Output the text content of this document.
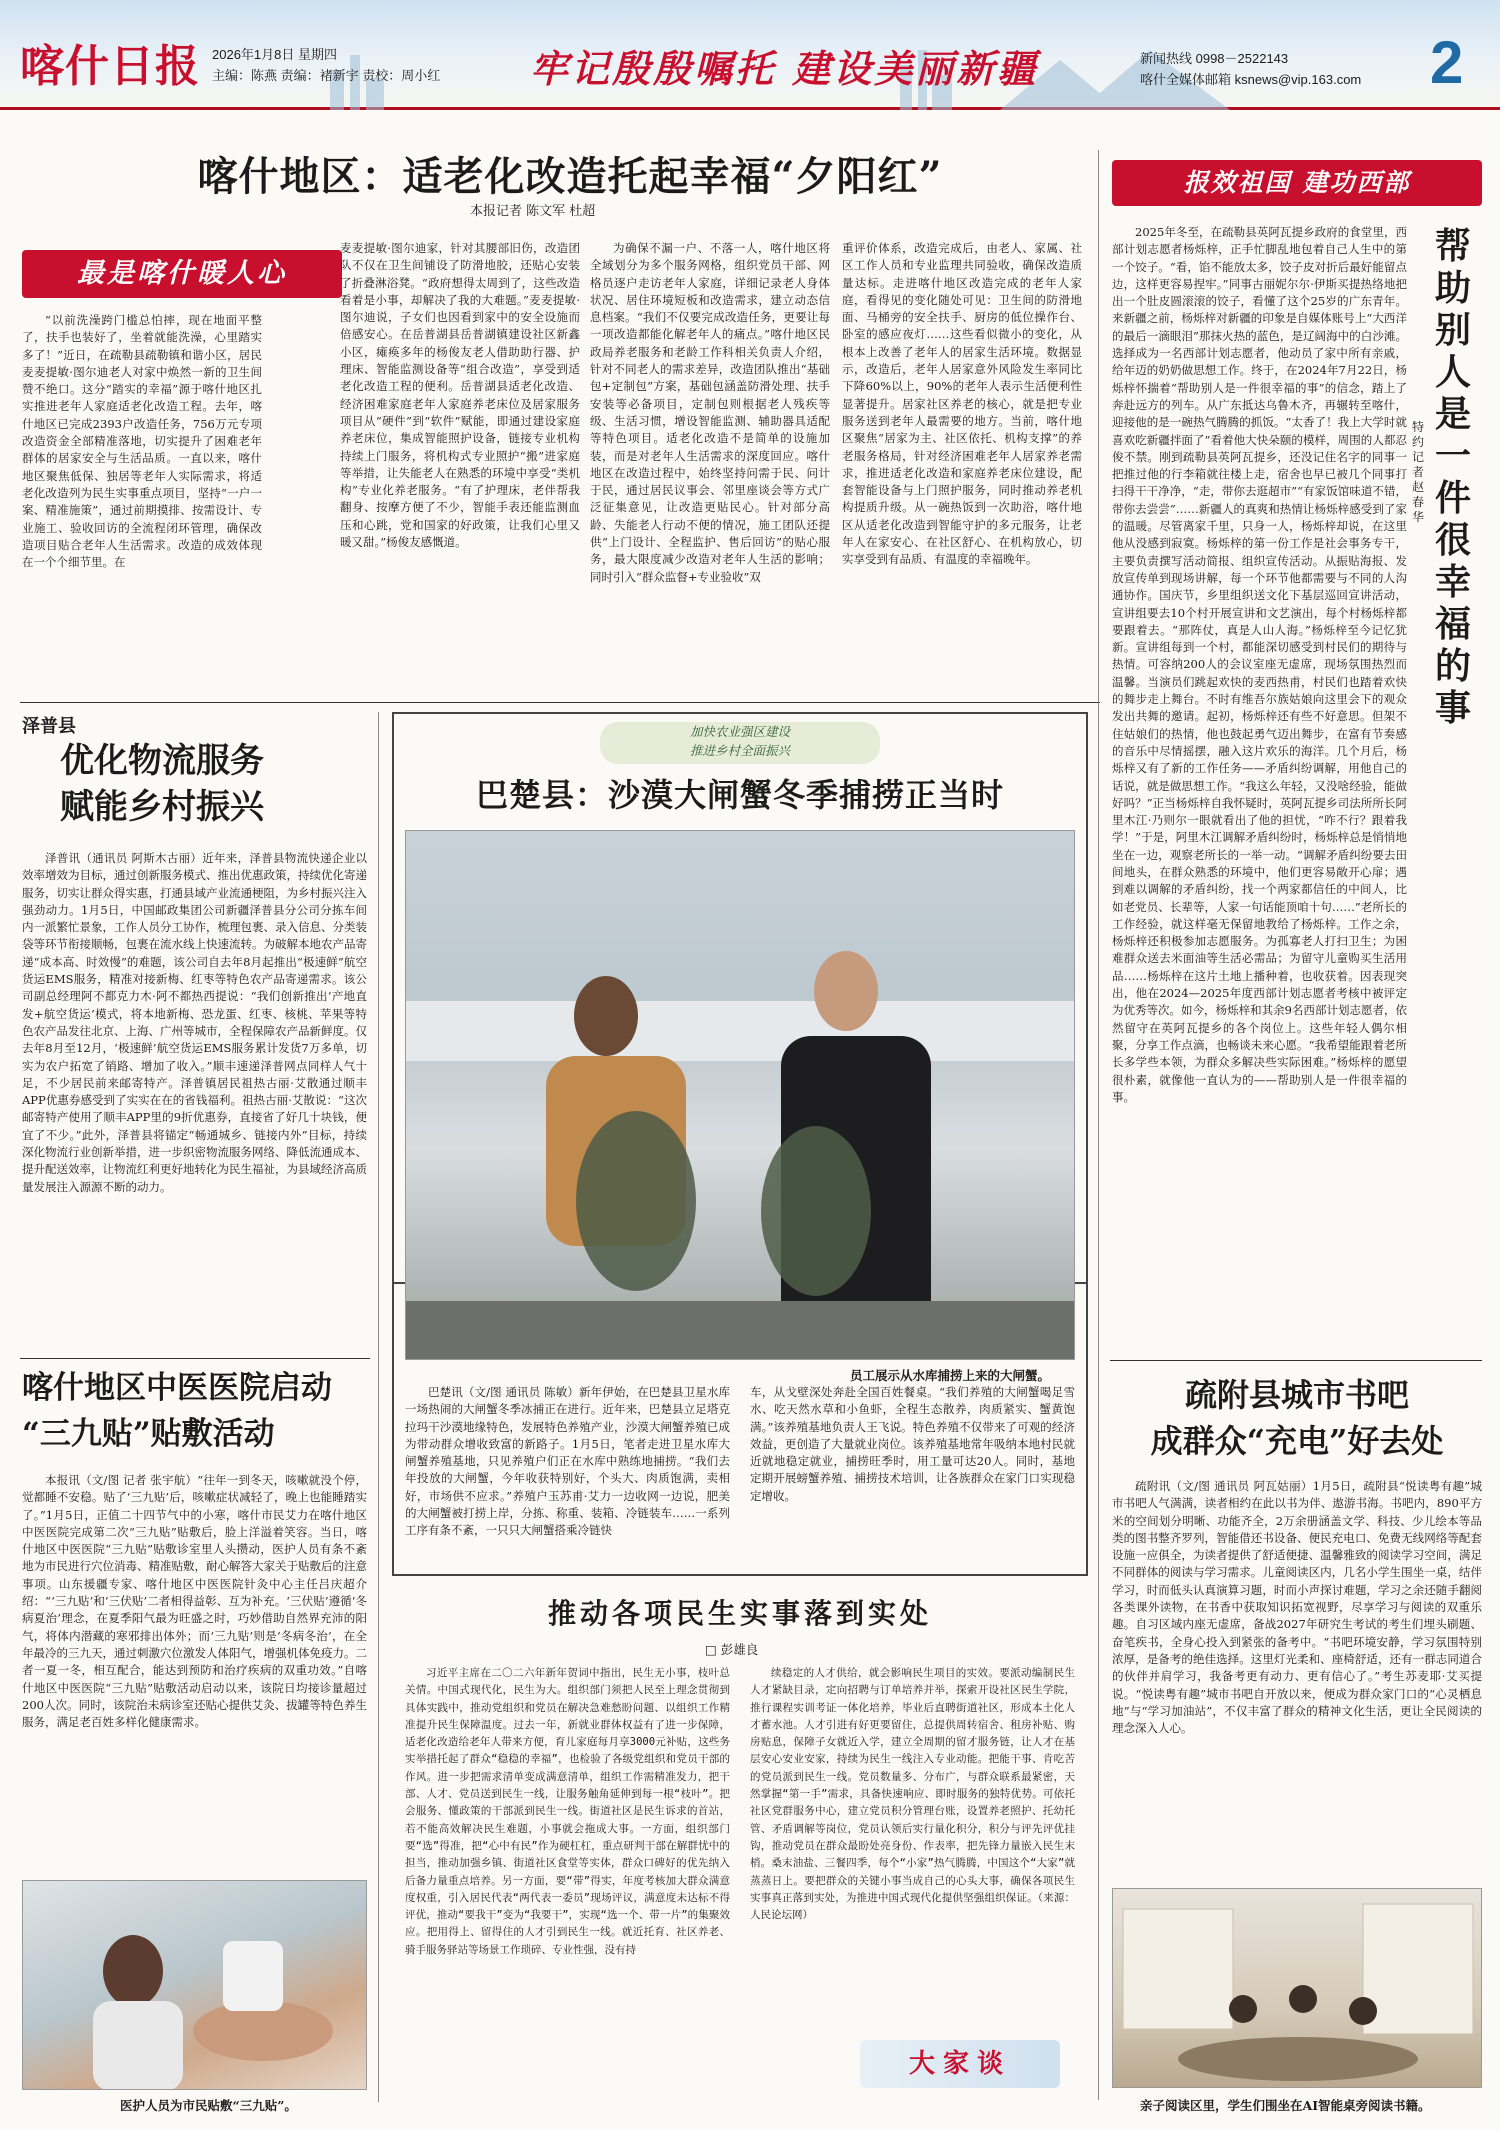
喀什日报 2026年1月8日 星期四
主编：陈燕 责编：褚新宇 责校：周小红 牢记殷殷嘱托 建设美丽新疆	新闻热线 0998－2522143
喀什全媒体邮箱 ksnews@vip.163.com 2
喀什地区：适老化改造托起幸福“夕阳红”
本报记者 陈文军 杜超
最是喀什暖人心
“以前洗澡跨门槛总怕摔，现在地面平整了，扶手也装好了，坐着就能洗澡，心里踏实多了！”近日，在疏勒县疏勒镇和谐小区，居民麦麦提敏·图尔迪老人对家中焕然一新的卫生间赞不绝口。这分“踏实的幸福”源于喀什地区扎实推进老年人家庭适老化改造工程。去年，喀什地区已完成2393户改造任务，756万元专项改造资金全部精准落地，切实提升了困难老年群体的居家安全与生活品质。一直以来，喀什地区聚焦低保、独居等老年人实际需求，将适老化改造列为民生实事重点项目，坚持“一户一案、精准施策”，通过前期摸排、按需设计、专业施工、验收回访的全流程闭环管理，确保改造项目贴合老年人生活需求。改造的成效体现在一个个细节里。在
麦麦提敏·图尔迪家，针对其腰部旧伤，改造团队不仅在卫生间铺设了防滑地胶，还贴心安装了折叠淋浴凳。“政府想得太周到了，这些改造看着是小事，却解决了我的大难题。”麦麦提敏·图尔迪说，子女们也因看到家中的安全设施而倍感安心。在岳普湖县岳普湖镇建设社区新鑫小区，瘫痪多年的杨俊友老人借助助行器、护理床、智能监测设备等“组合改造”，享受到适老化改造工程的便利。岳普湖县适老化改造、经济困难家庭老年人家庭养老床位及居家服务项目从“硬件”到“软件”赋能，即通过建设家庭养老床位，集成智能照护设备，链接专业机构持续上门服务，将机构式专业照护“搬”进家庭等举措，让失能老人在熟悉的环境中享受“类机构”专业化养老服务。“有了护理床，老伴帮我翻身、按摩方便了不少，智能手表还能监测血压和心跳，党和国家的好政策，让我们心里又暖又甜。”杨俊友感慨道。
为确保不漏一户、不落一人，喀什地区将全域划分为多个服务网格，组织党员干部、网格员逐户走访老年人家庭，详细记录老人身体状况、居住环境短板和改造需求，建立动态信息档案。“我们不仅要完成改造任务，更要让每一项改造都能化解老年人的痛点。”喀什地区民政局养老服务和老龄工作科相关负责人介绍，针对不同老人的需求差异，改造团队推出“基础包+定制包”方案，基础包涵盖防滑处理、扶手安装等必备项目，定制包则根据老人残疾等级、生活习惯，增设智能监测、辅助器具适配等特色项目。适老化改造不是简单的设施加装，而是对老年人生活需求的深度回应。喀什地区在改造过程中，始终坚持问需于民、问计于民，通过居民议事会、邻里座谈会等方式广泛征集意见，让改造更贴民心。针对部分高龄、失能老人行动不便的情况，施工团队还提供“上门设计、全程监护、售后回访”的贴心服务，最大限度减少改造对老年人生活的影响；同时引入“群众监督+专业验收”双
重评价体系，改造完成后，由老人、家属、社区工作人员和专业监理共同验收，确保改造质量达标。走进喀什地区改造完成的老年人家庭，看得见的变化随处可见：卫生间的防滑地面、马桶旁的安全扶手、厨房的低位操作台、卧室的感应夜灯……这些看似微小的变化，从根本上改善了老年人的居家生活环境。数据显示，改造后，老年人居家意外风险发生率同比下降60%以上，90%的老年人表示生活便利性显著提升。居家社区养老的核心，就是把专业服务送到老年人最需要的地方。当前，喀什地区聚焦“居家为主、社区依托、机构支撑”的养老服务格局，针对经济困难老年人居家养老需求，推进适老化改造和家庭养老床位建设，配套智能设备与上门照护服务，同时推动养老机构提质升级。从一碗热饭到一次助浴，喀什地区从适老化改造到智能守护的多元服务，让老年人在家安心、在社区舒心、在机构放心，切实享受到有品质、有温度的幸福晚年。
泽普县
优化物流服务
赋能乡村振兴
泽普讯（通讯员 阿斯木古丽）近年来，泽普县物流快递企业以效率增效为目标，通过创新服务模式、推出优惠政策，持续优化寄递服务，切实让群众得实惠，打通县域产业流通梗阻，为乡村振兴注入强劲动力。1月5日，中国邮政集团公司新疆泽普县分公司分拣车间内一派繁忙景象，工作人员分工协作，梳理包裹、录入信息、分类装袋等环节衔接顺畅，包裹在流水线上快速流转。为破解本地农产品寄递“成本高、时效慢”的难题，该公司自去年8月起推出“极速鲜”航空货运EMS服务，精准对接新梅、红枣等特色农产品寄递需求。该公司副总经理阿不都克力木·阿不都热西提说：“我们创新推出‘产地直发+航空货运’模式，将本地新梅、恐龙蛋、红枣、核桃、苹果等特色农产品发往北京、上海、广州等城市，全程保障农产品新鲜度。仅去年8月至12月，‘极速鲜’航空货运EMS服务累计发货7万多单，切实为农户拓宽了销路、增加了收入。”顺丰速递泽普网点同样人气十足，不少居民前来邮寄特产。泽普镇居民祖热古丽·艾散通过顺丰APP优惠券感受到了实实在在的省钱福利。祖热古丽·艾散说：“这次邮寄特产使用了顺丰APP里的9折优惠券，直接省了好几十块钱，便宜了不少。”此外，泽普县将锚定“畅通城乡、链接内外”目标，持续深化物流行业创新举措，进一步织密物流服务网络、降低流通成本、提升配送效率，让物流红利更好地转化为民生福祉，为县域经济高质量发展注入源源不断的动力。
喀什地区中医医院启动
“三九贴”贴敷活动
本报讯（文/图 记者 张宇航）“往年一到冬天，咳嗽就没个停，觉都睡不安稳。贴了‘三九贴’后，咳嗽症状减轻了，晚上也能睡踏实了。”1月5日，正值二十四节气中的小寒，喀什市民艾力在喀什地区中医医院完成第二次“三九贴”贴敷后，脸上洋溢着笑容。当日，喀什地区中医医院“三九贴”贴敷诊室里人头攒动，医护人员有条不紊地为市民进行穴位消毒、精准贴敷，耐心解答大家关于贴敷后的注意事项。山东援疆专家、喀什地区中医医院针灸中心主任吕庆超介绍：“‘三九贴’和‘三伏贴’二者相得益彰、互为补充。‘三伏贴’遵循‘冬病夏治’理念，在夏季阳气最为旺盛之时，巧妙借助自然界充沛的阳气，将体内潜藏的寒邪排出体外；而‘三九贴’则是‘冬病冬治’，在全年最冷的三九天，通过刺激穴位激发人体阳气，增强机体免疫力。二者一夏一冬，相互配合，能达到预防和治疗疾病的双重功效。”自喀什地区中医医院“三九贴”贴敷活动启动以来，该院日均接诊量超过200人次。同时，该院治未病诊室还贴心提供艾灸、拔罐等特色养生服务，满足老百姓多样化健康需求。
医护人员为市民贴敷“三九贴”。
加快农业强区建设
推进乡村全面振兴
巴楚县：沙漠大闸蟹冬季捕捞正当时
员工展示从水库捕捞上来的大闸蟹。
巴楚讯（文/图 通讯员 陈敏）新年伊始，在巴楚县卫星水库一场热闹的大闸蟹冬季冰捕正在进行。近年来，巴楚县立足塔克拉玛干沙漠地缘特色，发展特色养殖产业，沙漠大闸蟹养殖已成为带动群众增收致富的新路子。1月5日，笔者走进卫星水库大闸蟹养殖基地，只见养殖户们正在水库中熟练地捕捞。“我们去年投放的大闸蟹，今年收获特别好，个头大、肉质饱满，卖相好，市场供不应求。”养殖户玉苏甫·艾力一边收网一边说，肥美的大闸蟹被打捞上岸，分拣、称重、装箱、冷链装车……一系列工序有条不紊，一只只大闸蟹搭乘冷链快
车，从戈壁深处奔赴全国百姓餐桌。“我们养殖的大闸蟹喝足雪水、吃天然水草和小鱼虾，全程生态散养，肉质紧实、蟹黄饱满。”该养殖基地负责人王飞说。特色养殖不仅带来了可观的经济效益，更创造了大量就业岗位。该养殖基地常年吸纳本地村民就近就地稳定就业，捕捞旺季时，用工量可达20人。同时，基地定期开展螃蟹养殖、捕捞技术培训，让各族群众在家门口实现稳定增收。
推动各项民生实事落到实处
□ 彭雄良
习近平主席在二〇二六年新年贺词中指出，民生无小事，枝叶总关情。中国式现代化，民生为大。组织部门须把人民至上理念贯彻到具体实践中，推动党组织和党员在解决急难愁盼问题、以组织工作精准提升民生保障温度。过去一年，新就业群体权益有了进一步保障，适老化改造给老年人带来方便，育儿家庭每月享3000元补贴，这些务实举措托起了群众“稳稳的幸福”，也检验了各级党组织和党员干部的作风。进一步把需求清单变成满意清单，组织工作需精准发力，把干部、人才、党员送到民生一线，让服务触角延伸到每一根“枝叶”。把会服务、懂政策的干部派到民生一线。街道社区是民生诉求的首站，若不能高效解决民生难题，小事就会拖成大事。一方面，组织部门要“选”得准，把“心中有民”作为硬杠杠，重点研判干部在解群忧中的担当，推动加强乡镇、街道社区食堂等实体，群众口碑好的优先纳入后备力量重点培养。另一方面，要“带”得实，年度考核加大群众满意度权重，引入居民代表“两代表一委员”现场评议，满意度未达标不得评优，推动“要我干”变为“我要干”，实现“选一个、带一片”的集聚效应。把用得上、留得住的人才引到民生一线。就近托育、社区养老、骑手服务驿站等场景工作琐碎、专业性强，没有持
续稳定的人才供给，就会影响民生项目的实效。要派动编制民生人才紧缺目录，定向招聘与订单培养并举，探索开设社区民生学院，推行课程实训考证一体化培养，毕业后直聘街道社区，形成本土化人才蓄水池。人才引进有好更要留住，总提供周转宿舍、租房补贴、购房贴息，保障子女就近入学，建立全周期的留才服务链，让人才在基层安心安业安家，持续为民生一线注入专业动能。把能干事、肯吃苦的党员派到民生一线。党员数量多、分布广，与群众联系最紧密，天然掌握“第一手”需求，具备快速响应、即时服务的独特优势。可依托社区党群服务中心，建立党员积分管理台账，设置养老照护、托幼托管、矛盾调解等岗位，党员认领后实行量化积分，积分与评先评优挂钩，推动党员在群众最盼处亮身份、作表率，把先锋力量嵌入民生末梢。桑末油盐、三餐四季，每个“小家”热气腾腾，中国这个“大家”就蒸蒸日上。要把群众的关键小事当成自己的心头大事，确保各项民生实事真正落到实处，为推进中国式现代化提供坚强组织保证。（来源：人民论坛网）
大家谈
报效祖国 建功西部
2025年冬至，在疏勒县英阿瓦提乡政府的食堂里，西部计划志愿者杨烁梓，正手忙脚乱地包着自己人生中的第一个饺子。“看，馅不能放太多，饺子皮对折后最好能留点边，这样更容易捏牢。”同事古丽妮尔尔·伊斯买提热络地把出一个肚皮圆滚滚的饺子，看懂了这个25岁的广东青年。来新疆之前，杨烁梓对新疆的印象是自媒体账号上“大西洋的最后一滴眼泪”那抹火热的蓝色，是辽阔海中的白沙滩。选择成为一名西部计划志愿者，他动员了家中所有亲戚，给年迈的奶奶做思想工作。终于，在2024年7月22日，杨烁梓怀揣着“帮助别人是一件很幸福的事”的信念，踏上了奔赴远方的列车。从广东抵达乌鲁木齐，再辗转至喀什，迎接他的是一碗热气腾腾的抓饭。“太香了！我上大学时就喜欢吃新疆拌面了”看着他大快朵颐的模样，周围的人都忍俊不禁。刚到疏勒县英阿瓦提乡，还没记住名字的同事一把推过他的行李箱就往楼上走，宿舍也早已被几个同事打扫得干干净净，“走，带你去逛超市”“有家饭馆味道不错，带你去尝尝”……新疆人的真爽和热情让杨烁梓感受到了家的温暖。尽管离家千里，只身一人，杨烁梓却说，在这里他从没感到寂寞。杨烁梓的第一份工作是社会事务专干，主要负责撰写活动简报、组织宣传活动。从振贴海报、发放宣传单到现场讲解，每一个环节他都需要与不同的人沟通协作。国庆节，乡里组织送文化下基层巡回宣讲活动，宣讲组要去10个村开展宣讲和文艺演出，每个村杨烁梓都要跟着去。“那阵仗，真是人山人海。”杨烁梓至今记忆犹新。宣讲组每到一个村，都能深切感受到村民们的期待与热情。可容纳200人的会议室座无虚席，现场氛围热烈而温馨。当演员们跳起欢快的麦西热甫，村民们也踏着欢快的舞步走上舞台。不时有维吾尔族姑娘向这里会下的观众发出共舞的邀请。起初，杨烁梓还有些不好意思。但架不住姑娘们的热情，他也鼓起勇气迈出舞步，在富有节奏感的音乐中尽情摇摆，融入这片欢乐的海洋。几个月后，杨烁梓又有了新的工作任务——矛盾纠纷调解，用他自己的话说，就是做思想工作。“我这么年轻，又没啥经验，能做好吗？”正当杨烁梓自我怀疑时，英阿瓦提乡司法所所长阿里木江·乃则尔一眼就看出了他的担忧，“咋不行？跟着我学！”于是，阿里木江调解矛盾纠纷时，杨烁梓总是悄悄地坐在一边，观察老所长的一举一动。“调解矛盾纠纷要去田间地头，在群众熟悉的环境中，他们更容易敞开心扉；遇到难以调解的矛盾纠纷，找一个两家都信任的中间人，比如老党员、长辈等，人家一句话能顶咱十句……”老所长的工作经验，就这样毫无保留地教给了杨烁梓。工作之余，杨烁梓还积极参加志愿服务。为孤寡老人打扫卫生；为困难群众送去米面油等生活必需品；为留守儿童购买生活用品……杨烁梓在这片土地上播种着，也收获着。因表现突出，他在2024—2025年度西部计划志愿者考核中被评定为优秀等次。如今，杨烁梓和其余9名西部计划志愿者，依然留守在英阿瓦提乡的各个岗位上。这些年轻人偶尔相聚，分享工作点滴，也畅谈未来心愿。“我希望能跟着老所长多学些本领，为群众多解决些实际困难。”杨烁梓的愿望很朴素，就像他一直认为的——帮助别人是一件很幸福的事。
帮助别人是一件很幸福的事
特约记者 赵春华
疏附县城市书吧
成群众“充电”好去处
疏附讯（文/图 通讯员 阿瓦姑丽）1月5日，疏附县“悦读粤有趣”城市书吧人气满满，读者相约在此以书为伴、遨游书海。书吧内，890平方米的空间划分明晰、功能齐全，2万余册涵盖文学、科技、少儿绘本等品类的图书整齐罗列，智能借还书设备、便民充电口、免费无线网络等配套设施一应俱全，为读者提供了舒适便捷、温馨雅致的阅读学习空间，满足不同群体的阅读与学习需求。儿童阅读区内，几名小学生围坐一桌，结伴学习，时而低头认真演算习题，时而小声探讨难题，学习之余还随手翻阅各类课外读物，在书香中获取知识拓宽视野，尽享学习与阅读的双重乐趣。自习区域内座无虚席，备战2027年研究生考试的考生们埋头刷题、奋笔疾书，全身心投入到紧张的备考中。“书吧环境安静，学习氛围特别浓厚，是备考的绝佳选择。这里灯光柔和、座椅舒适，还有一群志同道合的伙伴并肩学习，我备考更有动力、更有信心了。”考生苏麦耶·艾买提说。“悦读粤有趣”城市书吧自开放以来，便成为群众家门口的“心灵栖息地”与“学习加油站”，不仅丰富了群众的精神文化生活，更让全民阅读的理念深入人心。
亲子阅读区里，学生们围坐在AI智能桌旁阅读书籍。
